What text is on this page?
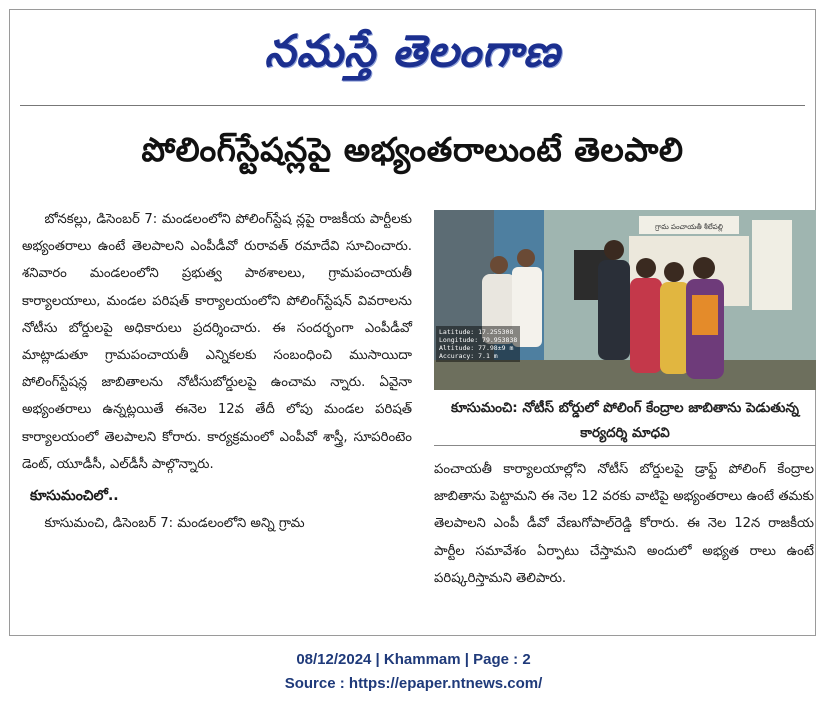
నమస్తే తెలంగాణ
పోలింగ్‌స్టేషన్లపై అభ్యంతరాలుంటే తెలపాలి

బోనకల్లు, డిసెంబర్ 7: మండలంలోని పోలింగ్‌స్టేష న్లపై రాజకీయ పార్టీలకు అభ్యంతరాలు ఉంటే తెలపాలని ఎంపీడీవో రురావత్ రమాదేవి సూచించారు. శనివారం మండలంలోని ప్రభుత్వ పాఠశాలలు, గ్రామపంచాయతీ కార్యాలయాలు, మండల పరిషత్ కార్యాలయంలోని పోలింగ్‌స్టేషన్ వివరాలను నోటీసు బోర్డులపై అధికారులు ప్రదర్శించారు. ఈ సందర్భంగా ఎంపీడీవో మాట్లాడుతూ గ్రామపంచాయతీ ఎన్నికలకు సంబంధించి ముసాయిదా పోలింగ్‌స్టేషన్ల జాబితాలను నోటీసుబోర్డులపై ఉంచామ న్నారు. ఏవైనా అభ్యంతరాలు ఉన్నట్లయితే ఈనెల 12వ తేదీ లోపు మండల పరిషత్ కార్యాలయంలో తెలపాలని కోరారు. కార్యక్రమంలో ఎంపీవో శాస్త్రీ, సూపరింటెం డెంట్, యూడీసీ, ఎల్‌డీసీ పాల్గొన్నారు.

కూసుమంచిలో..

కూసుమంచి, డిసెంబర్ 7: మండలంలోని అన్ని గ్రామ

గ్రామ పంచాయతీ శీలేపల్లి
Latitude: 17.255308
Longitude: 79.953838
Altitude: 77.98±9 m
Accuracy: 7.1 m
కూసుమంచి: నోటీస్ బోర్డులో పోలింగ్ కేంద్రాల జాబితాను పెడుతున్న కార్యదర్శి మాధవి

పంచాయతీ కార్యాలయాల్లోని నోటీస్ బోర్డులపై డ్రాఫ్ట్ పోలింగ్ కేంద్రాల జాబితాను పెట్టామని ఈ నెల 12 వరకు వాటిపై అభ్యంతరాలు ఉంటే తమకు తెలపాలని ఎంపీ డీవో వేణుగోపాల్‌రెడ్డి కోరారు. ఈ నెల 12న రాజకీయ పార్టీల సమావేశం ఏర్పాటు చేస్తామని అందులో అభ్యత రాలు ఉంటే పరిష్కరిస్తామని తెలిపారు.

08/12/2024 | Khammam | Page : 2
Source : https://epaper.ntnews.com/
